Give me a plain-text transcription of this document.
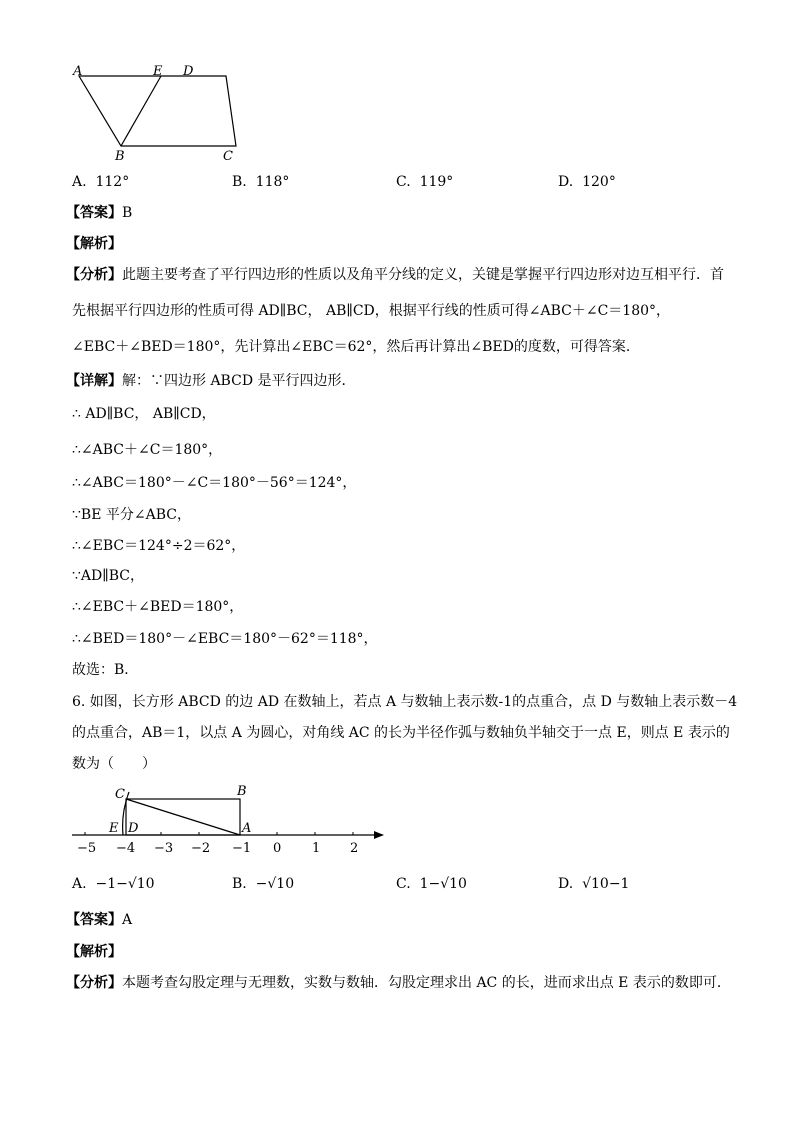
A	E D
B	C
A. 112°	B. 118°	C. 119°	D. 120°
【答案】B
【解析】
【分析】此题主要考查了平行四边形的性质以及角平分线的定义，关键是掌握平行四边形对边互相平行．首
先根据平行四边形的性质可得 AD∥BC， AB∥CD，根据平行线的性质可得∠ABC＋∠C＝180°，
∠EBC＋∠BED＝180°，先计算出∠EBC＝62°，然后再计算出∠BED的度数，可得答案．
【详解】解：∵四边形 ABCD 是平行四边形．
∴ AD∥BC， AB∥CD，
∴∠ABC＋∠C＝180°，
∴∠ABC＝180°－∠C＝180°－56°＝124°，
∵BE 平分∠ABC，
∴∠EBC＝124°÷2＝62°，
∵AD∥BC，
∴∠EBC＋∠BED＝180°，
∴∠BED＝180°－∠EBC＝180°－62°＝118°，
故选：B．
6. 如图，长方形 ABCD 的边 AD 在数轴上，若点 A 与数轴上表示数-1的点重合，点 D 与数轴上表示数－4
的点重合，AB＝1，以点 A 为圆心，对角线 AC 的长为半径作弧与数轴负半轴交于一点 E，则点 E 表示的
数为（　　）
C	B
E D	A
−5 −4 −3 −2 −1 0 1 2
A. −1−√10	B. −√10	C. 1−√10	D. √10−1
【答案】A
【解析】
【分析】本题考查勾股定理与无理数，实数与数轴．勾股定理求出 AC 的长，进而求出点 E 表示的数即可．
